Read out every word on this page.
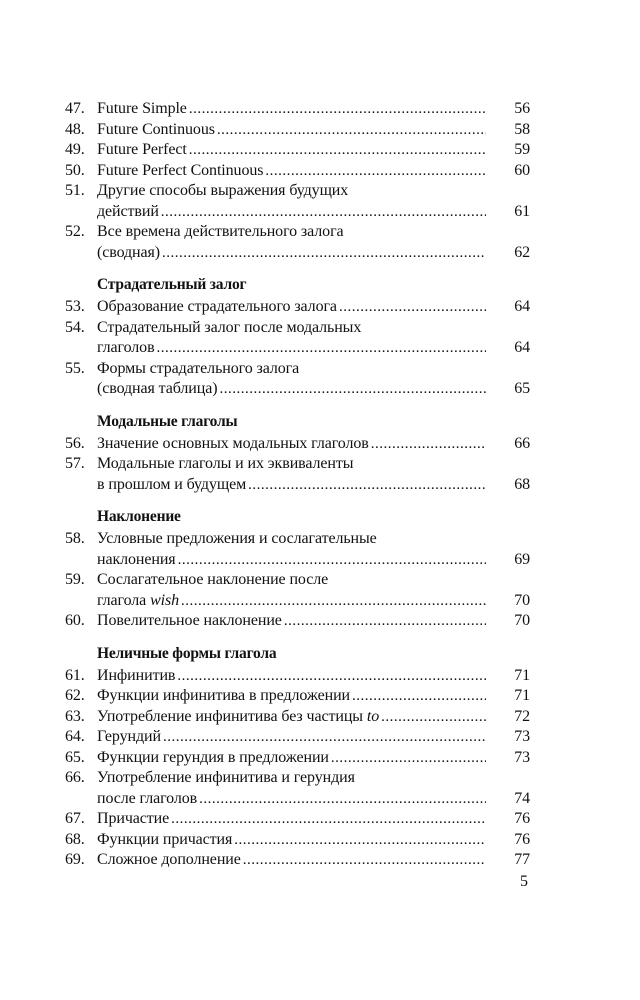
47. Future Simple .....	56
48. Future Continuous .....	58
49. Future Perfect .....	59
50. Future Perfect Continuous .....	60
51. Другие способы выражения будущих
действий .....	61
52. Все времена действительного залога
(сводная) .....	62
Страдательный залог
53. Образование страдательного залога .....	64
54. Страдательный залог после модальных
глаголов .....	64
55. Формы страдательного залога
(сводная таблица) .....	65
Модальные глаголы
56. Значение основных модальных глаголов .....	66
57. Модальные глаголы и их эквиваленты
в прошлом и будущем .....	68
Наклонение
58. Условные предложения и сослагательные
наклонения .....	69
59. Сослагательное наклонение после
глагола wish .....	70
60. Повелительное наклонение .....	70
Неличные формы глагола
61. Инфинитив .....	71
62. Функции инфинитива в предложении .....	71
63. Употребление инфинитива без частицы to .....	72
64. Герундий .....	73
65. Функции герундия в предложении .....	73
66. Употребление инфинитива и герундия
после глаголов .....	74
67. Причастие .....	76
68. Функции причастия .....	76
69. Сложное дополнение .....	77
5
